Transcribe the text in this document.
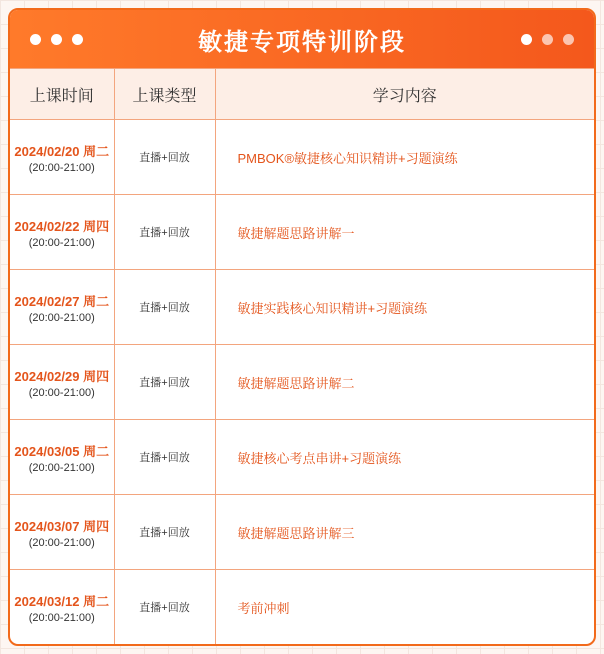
敏捷专项特训阶段
上课时间	上课类型	学习内容

2024/02/20 周二
(20:00-21:00)	直播+回放	PMBOK®敏捷核心知识精讲+习题演练

2024/02/22 周四
(20:00-21:00)	直播+回放	敏捷解题思路讲解一

2024/02/27 周二
(20:00-21:00)	直播+回放	敏捷实践核心知识精讲+习题演练

2024/02/29 周四
(20:00-21:00)	直播+回放	敏捷解题思路讲解二

2024/03/05 周二
(20:00-21:00)	直播+回放	敏捷核心考点串讲+习题演练

2024/03/07 周四
(20:00-21:00)	直播+回放	敏捷解题思路讲解三

2024/03/12 周二
(20:00-21:00)	直播+回放	考前冲刺
